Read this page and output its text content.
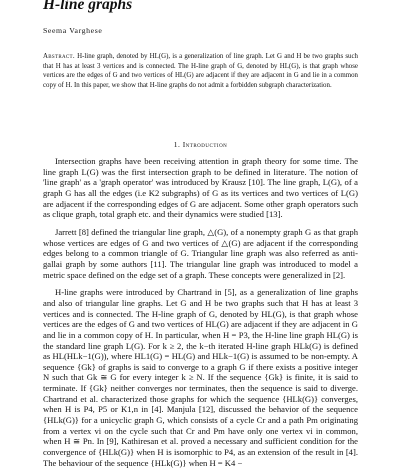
H-line graphs
Seema Varghese

Abstract. H-line graph, denoted by HL(G), is a generalization of line graph. Let G and H be two graphs such that H has at least 3 vertices and is connected. The H-line graph of G, denoted by HL(G), is that graph whose vertices are the edges of G and two vertices of HL(G) are adjacent if they are adjacent in G and lie in a common copy of H. In this paper, we show that H-line graphs do not admit a forbidden subgraph characterization.

1. Introduction

Intersection graphs have been receiving attention in graph theory for some time. The line graph L(G) was the first intersection graph to be defined in literature. The notion of 'line graph' as a 'graph operator' was introduced by Krausz [10]. The line graph, L(G), of a graph G has all the edges (i.e K2 subgraphs) of G as its vertices and two vertices of L(G) are adjacent if the corresponding edges of G are adjacent. Some other graph operators such as clique graph, total graph etc. and their dynamics were studied [13].

Jarrett [8] defined the triangular line graph, △(G), of a nonempty graph G as that graph whose vertices are edges of G and two vertices of △(G) are adjacent if the corresponding edges belong to a common triangle of G. Triangular line graph was also referred as anti-gallai graph by some authors [11]. The triangular line graph was introduced to model a metric space defined on the edge set of a graph. These concepts were generalized in [2].

H-line graphs were introduced by Chartrand in [5], as a generalization of line graphs and also of triangular line graphs. Let G and H be two graphs such that H has at least 3 vertices and is connected. The H-line graph of G, denoted by HL(G), is that graph whose vertices are the edges of G and two vertices of HL(G) are adjacent if they are adjacent in G and lie in a common copy of H. In particular, when H = P3, the H-line line graph HL(G) is the standard line graph L(G). For k ≥ 2, the k−th iterated H-line graph HLk(G) is defined as HL(HLk−1(G)), where HL1(G) = HL(G) and HLk−1(G) is assumed to be non-empty. A sequence {Gk} of graphs is said to converge to a graph G if there exists a positive integer N such that Gk ≅ G for every integer k ≥ N. If the sequence {Gk} is finite, it is said to terminate. If {Gk} neither converges nor terminates, then the sequence is said to diverge. Chartrand et al. characterized those graphs for which the sequence {HLk(G)} converges, when H is P4, P5 or K1,n in [4]. Manjula [12], discussed the behavior of the sequence {HLk(G)} for a unicyclic graph G, which consists of a cycle Cr and a path Pm originating from a vertex vi on the cycle such that Cr and Pm have only one vertex vi in common, when H ≅ Pn. In [9], Kathiresan et al. proved a necessary and sufficient condition for the convergence of {HLk(G)} when H is isomorphic to P4, as an extension of the result in [4]. The behaviour of the sequence {HLk(G)} when H = K4 −
